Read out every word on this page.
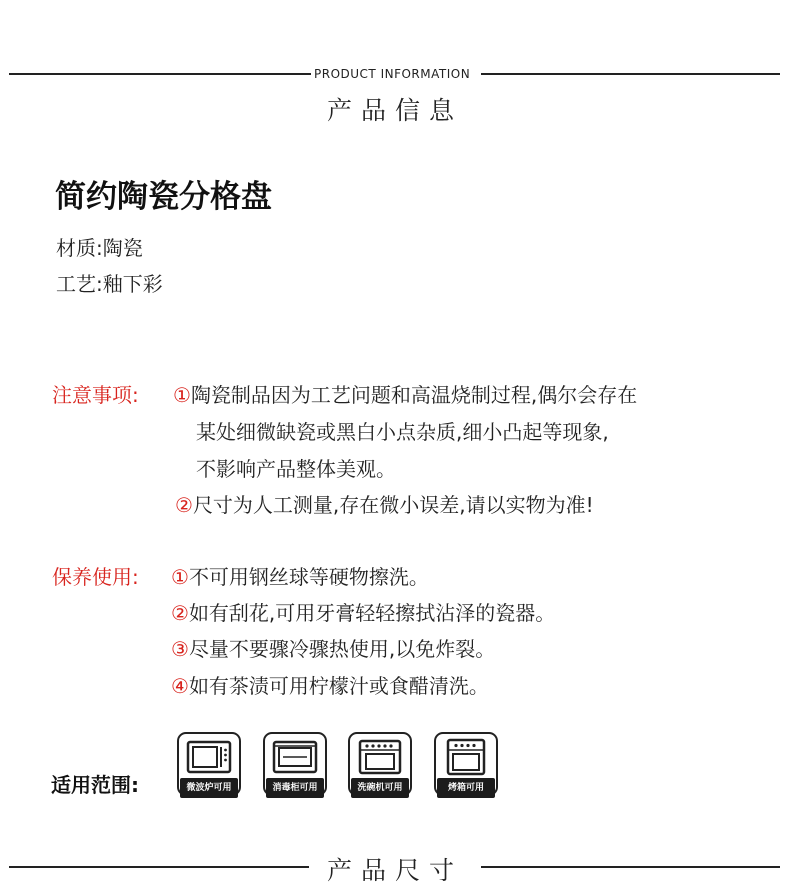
PRODUCT INFORMATION
产品信息
简约陶瓷分格盘
材质:陶瓷
工艺:釉下彩
注意事项: ①陶瓷制品因为工艺问题和高温烧制过程,偶尔会存在
某处细微缺瓷或黑白小点杂质,细小凸起等现象,
不影响产品整体美观。
②尺寸为人工测量,存在微小误差,请以实物为准!
保养使用: ①不可用钢丝球等硬物擦洗。
②如有刮花,可用牙膏轻轻擦拭沾泽的瓷器。
③尽量不要骤冷骤热使用,以免炸裂。
④如有茶渍可用柠檬汁或食醋清洗。
适用范围:	微波炉可用	消毒柜可用	洗碗机可用	烤箱可用
产品尺寸
